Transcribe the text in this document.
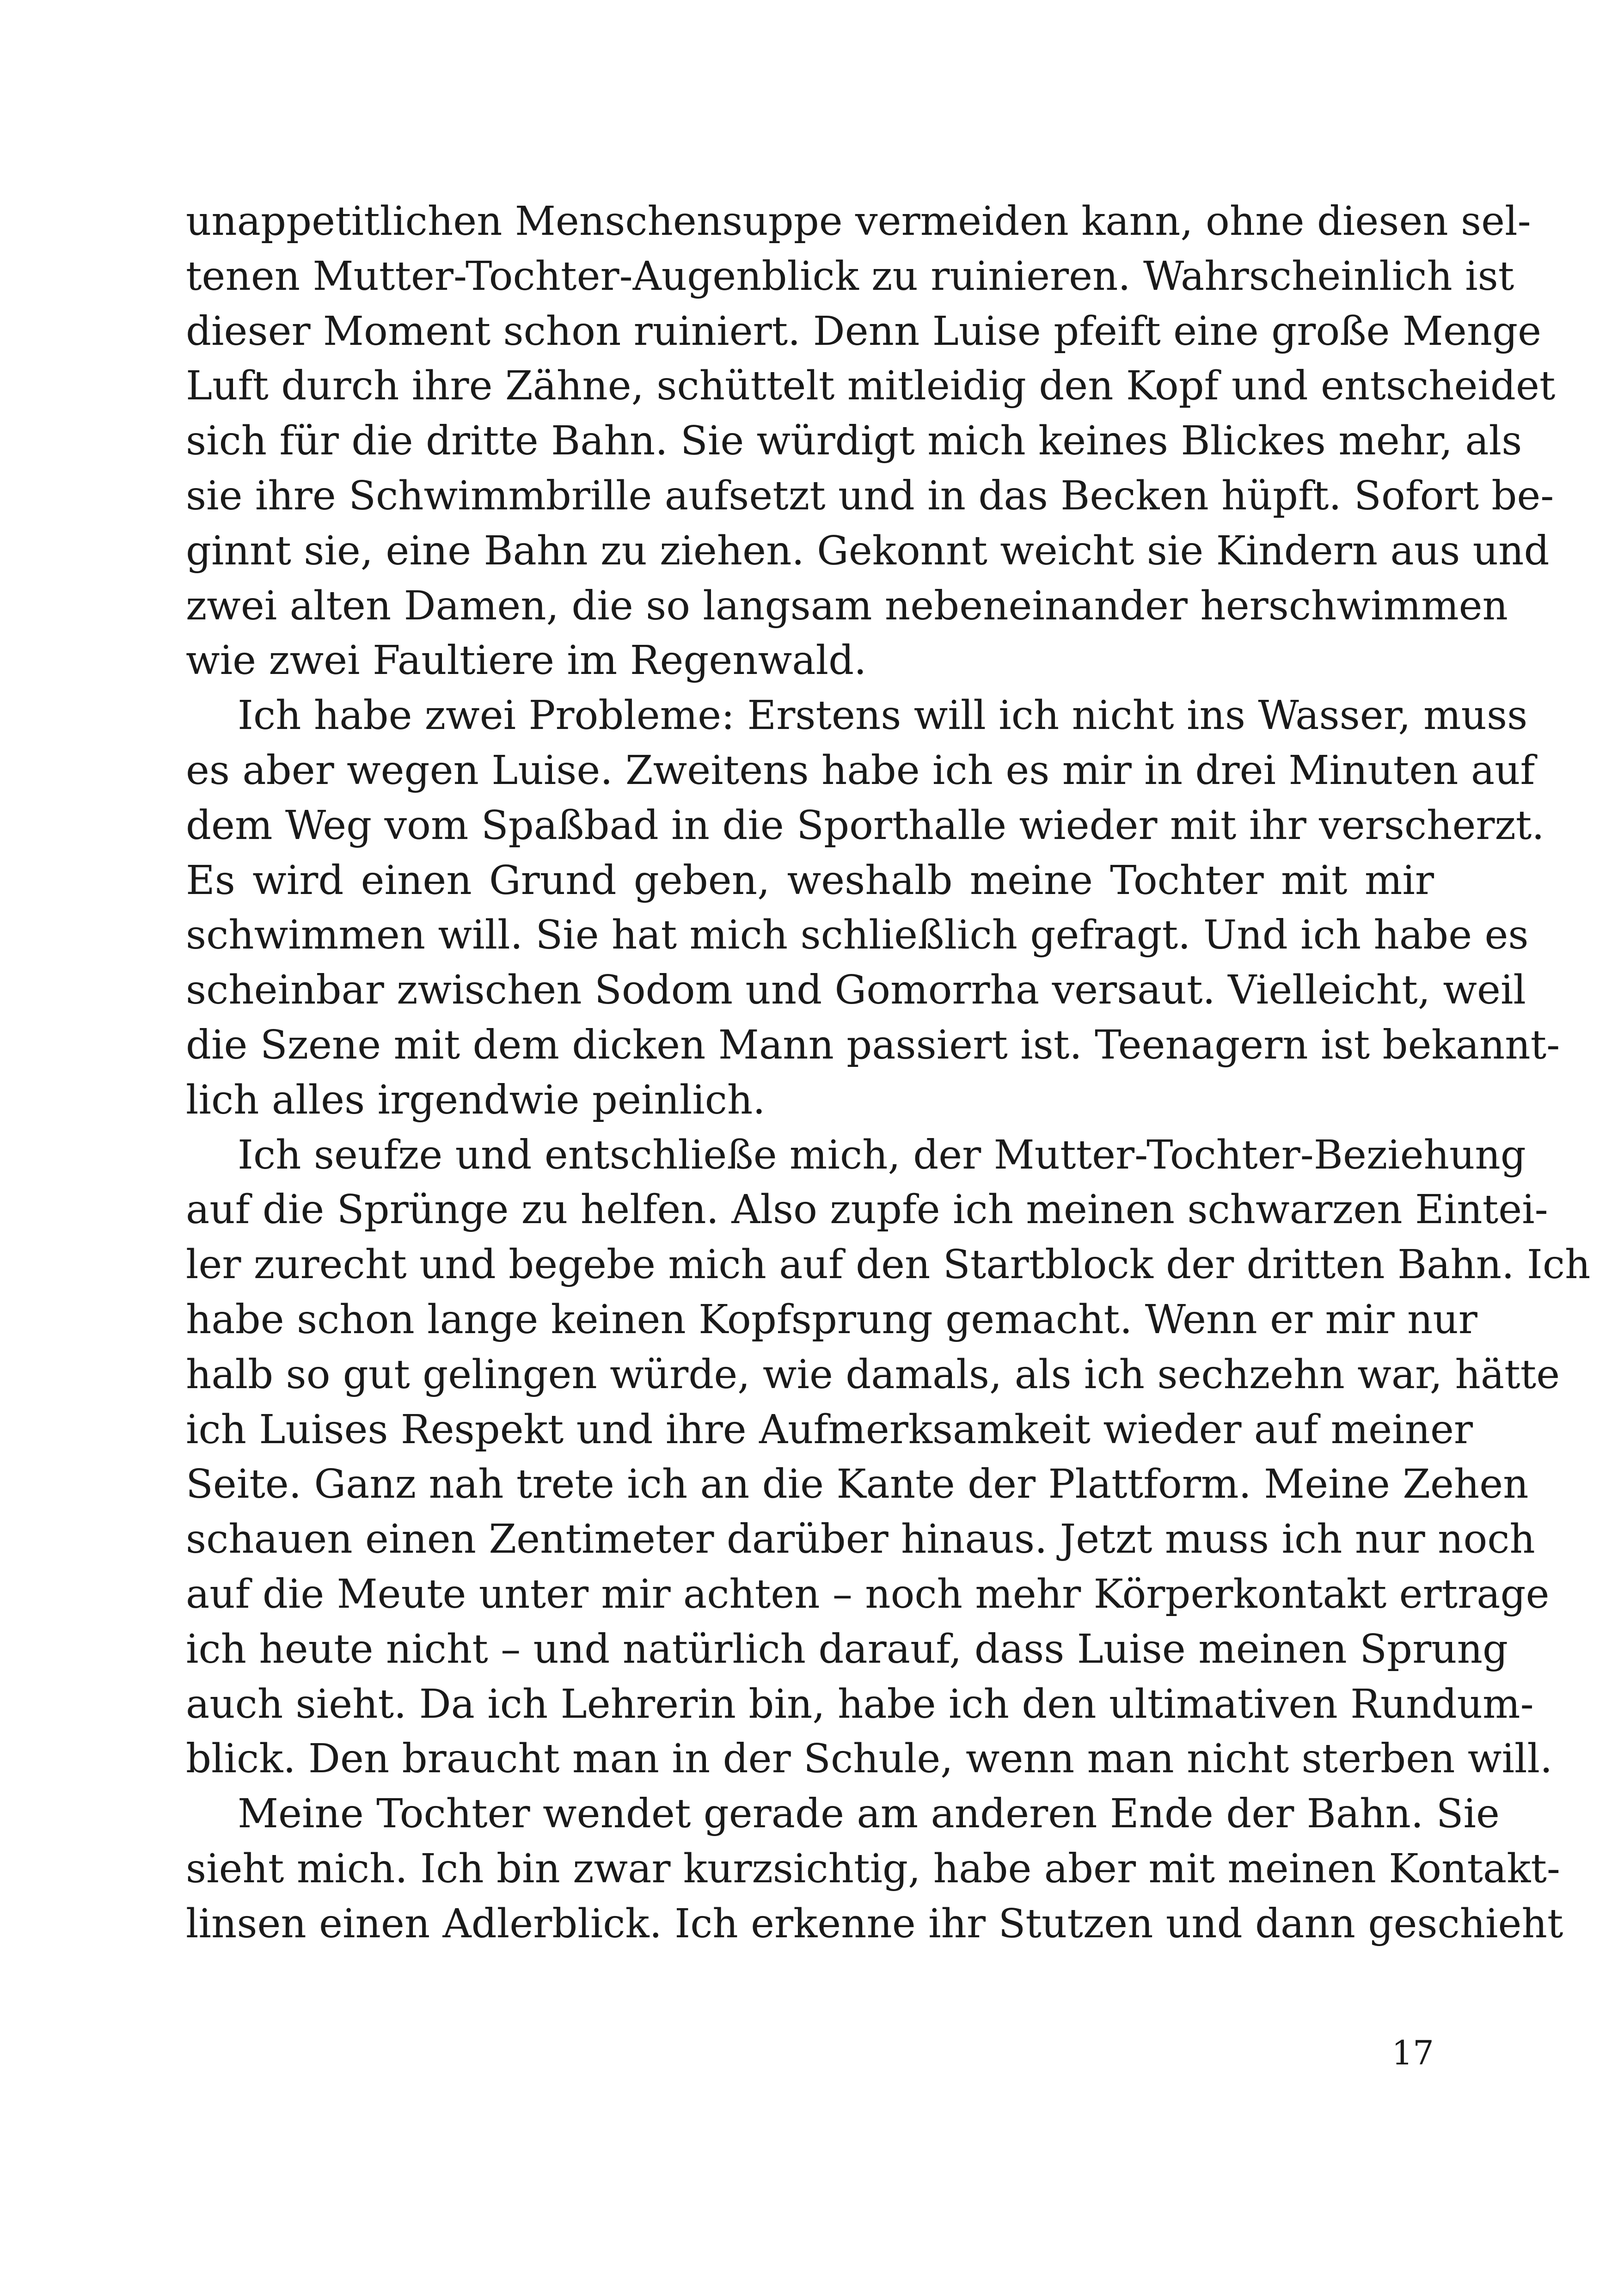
unappetitlichen Menschensuppe vermeiden kann, ohne diesen sel-
tenen Mutter-Tochter-Augenblick zu ruinieren. Wahrscheinlich ist
dieser Moment schon ruiniert. Denn Luise pfeift eine große Menge
Luft durch ihre Zähne, schüttelt mitleidig den Kopf und entscheidet
sich für die dritte Bahn. Sie würdigt mich keines Blickes mehr, als
sie ihre Schwimmbrille aufsetzt und in das Becken hüpft. Sofort be-
ginnt sie, eine Bahn zu ziehen. Gekonnt weicht sie Kindern aus und
zwei alten Damen, die so langsam nebeneinander herschwimmen
wie zwei Faultiere im Regenwald.
Ich habe zwei Probleme: Erstens will ich nicht ins Wasser, muss
es aber wegen Luise. Zweitens habe ich es mir in drei Minuten auf
dem Weg vom Spaßbad in die Sporthalle wieder mit ihr verscherzt.
Es wird einen Grund geben, weshalb meine Tochter mit mir
schwimmen will. Sie hat mich schließlich gefragt. Und ich habe es
scheinbar zwischen Sodom und Gomorrha versaut. Vielleicht, weil
die Szene mit dem dicken Mann passiert ist. Teenagern ist bekannt-
lich alles irgendwie peinlich.
Ich seufze und entschließe mich, der Mutter-Tochter-Beziehung
auf die Sprünge zu helfen. Also zupfe ich meinen schwarzen Eintei-
ler zurecht und begebe mich auf den Startblock der dritten Bahn. Ich
habe schon lange keinen Kopfsprung gemacht. Wenn er mir nur
halb so gut gelingen würde, wie damals, als ich sechzehn war, hätte
ich Luises Respekt und ihre Aufmerksamkeit wieder auf meiner
Seite. Ganz nah trete ich an die Kante der Plattform. Meine Zehen
schauen einen Zentimeter darüber hinaus. Jetzt muss ich nur noch
auf die Meute unter mir achten – noch mehr Körperkontakt ertrage
ich heute nicht – und natürlich darauf, dass Luise meinen Sprung
auch sieht. Da ich Lehrerin bin, habe ich den ultimativen Rundum-
blick. Den braucht man in der Schule, wenn man nicht sterben will.
Meine Tochter wendet gerade am anderen Ende der Bahn. Sie
sieht mich. Ich bin zwar kurzsichtig, habe aber mit meinen Kontakt-
linsen einen Adlerblick. Ich erkenne ihr Stutzen und dann geschieht
17
